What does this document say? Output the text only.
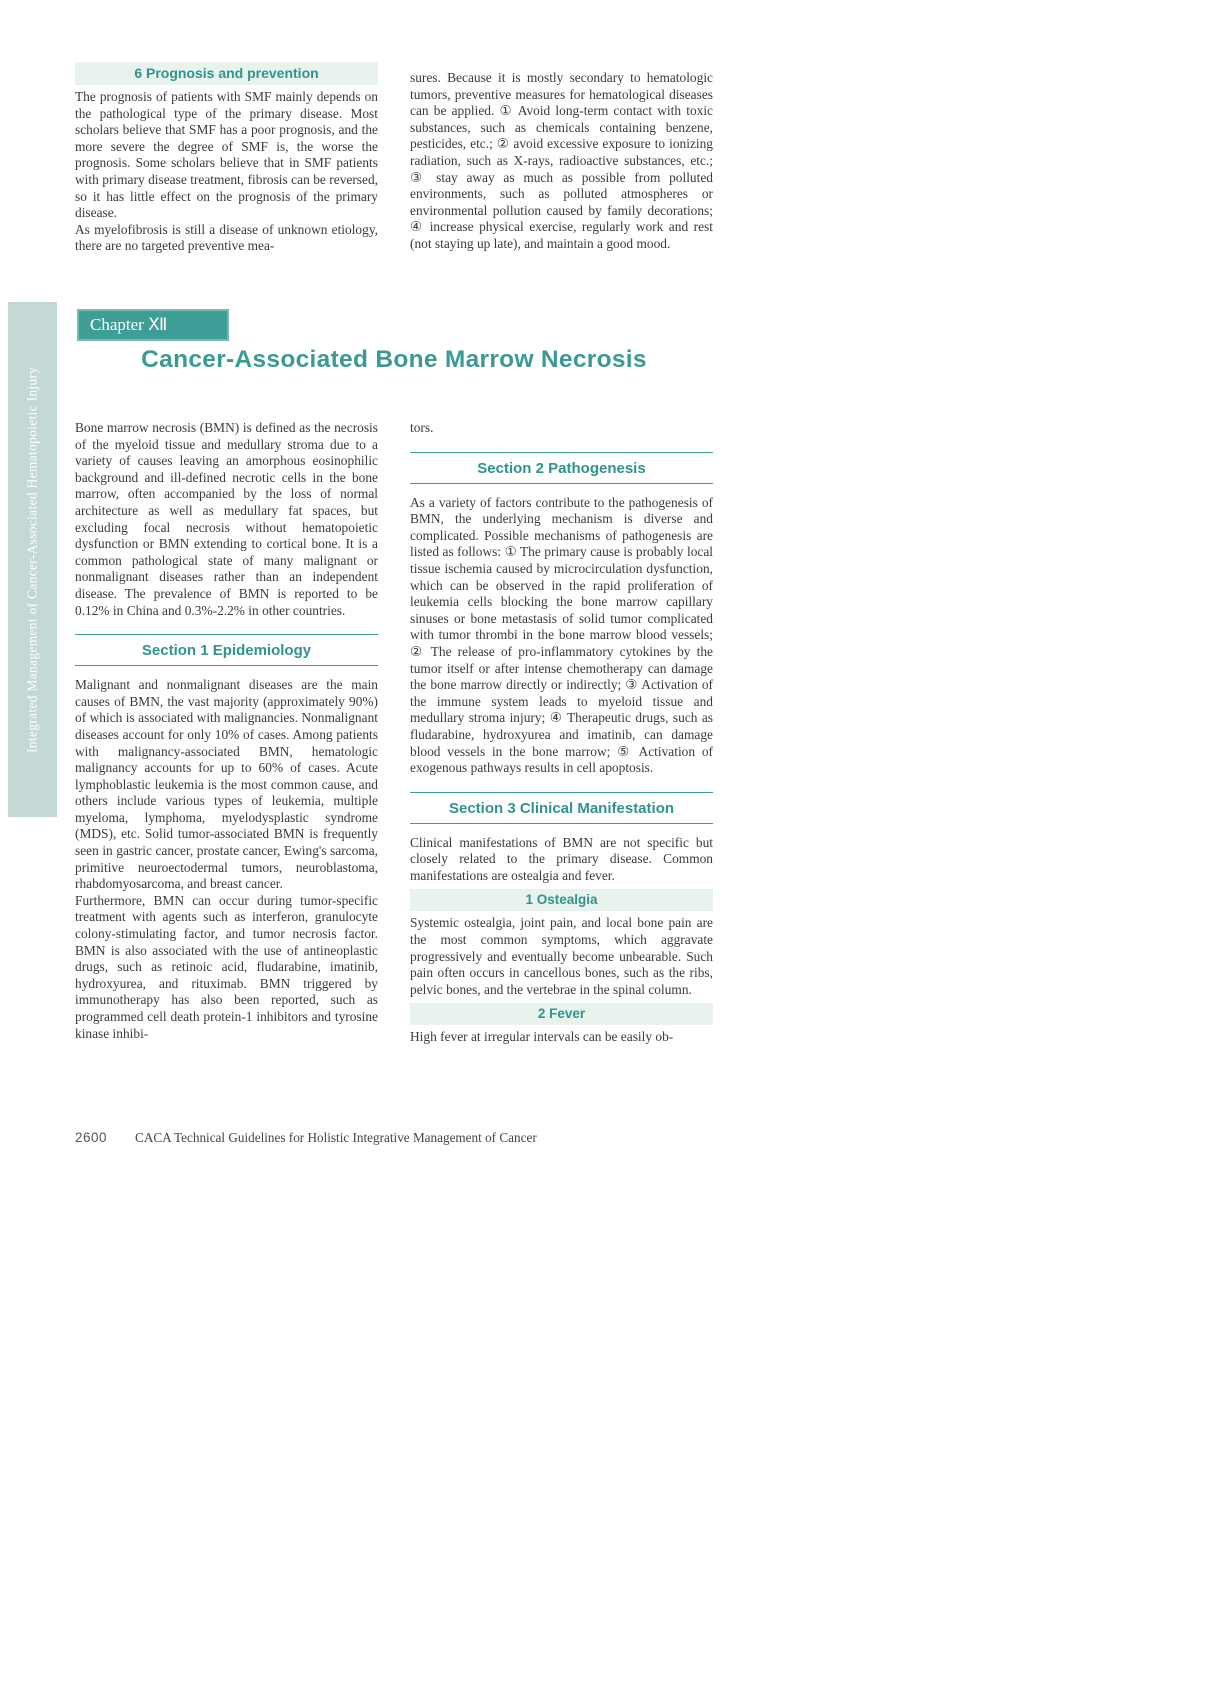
Integrated Management of Cancer-Associated Hematopoietic Injury
6 Prognosis and prevention

The prognosis of patients with SMF mainly depends on the pathological type of the primary disease. Most scholars believe that SMF has a poor prognosis, and the more severe the degree of SMF is, the worse the prognosis. Some scholars believe that in SMF patients with primary disease treatment, fibrosis can be reversed, so it has little effect on the prognosis of the primary disease.

As myelofibrosis is still a disease of unknown etiology, there are no targeted preventive mea-

sures. Because it is mostly secondary to hematologic tumors, preventive measures for hematological diseases can be applied. ① Avoid long-term contact with toxic substances, such as chemicals containing benzene, pesticides, etc.; ② avoid excessive exposure to ionizing radiation, such as X-rays, radioactive substances, etc.; ③ stay away as much as possible from polluted environments, such as polluted atmospheres or environmental pollution caused by family decorations; ④ increase physical exercise, regularly work and rest (not staying up late), and maintain a good mood.

Chapter Ⅻ
Cancer-Associated Bone Marrow Necrosis

Bone marrow necrosis (BMN) is defined as the necrosis of the myeloid tissue and medullary stroma due to a variety of causes leaving an amorphous eosinophilic background and ill-defined necrotic cells in the bone marrow, often accompanied by the loss of normal architecture as well as medullary fat spaces, but excluding focal necrosis without hematopoietic dysfunction or BMN extending to cortical bone. It is a common pathological state of many malignant or nonmalignant diseases rather than an independent disease. The prevalence of BMN is reported to be 0.12% in China and 0.3%-2.2% in other countries.

Section 1 Epidemiology

Malignant and nonmalignant diseases are the main causes of BMN, the vast majority (approximately 90%) of which is associated with malignancies. Nonmalignant diseases account for only 10% of cases. Among patients with malignancy-associated BMN, hematologic malignancy accounts for up to 60% of cases. Acute lymphoblastic leukemia is the most common cause, and others include various types of leukemia, multiple myeloma, lymphoma, myelodysplastic syndrome (MDS), etc. Solid tumor-associated BMN is frequently seen in gastric cancer, prostate cancer, Ewing's sarcoma, primitive neuroectodermal tumors, neuroblastoma, rhabdomyosarcoma, and breast cancer.

Furthermore, BMN can occur during tumor-specific treatment with agents such as interferon, granulocyte colony-stimulating factor, and tumor necrosis factor. BMN is also associated with the use of antineoplastic drugs, such as retinoic acid, fludarabine, imatinib, hydroxyurea, and rituximab. BMN triggered by immunotherapy has also been reported, such as programmed cell death protein-1 inhibitors and tyrosine kinase inhibi-

tors.

Section 2 Pathogenesis

As a variety of factors contribute to the pathogenesis of BMN, the underlying mechanism is diverse and complicated. Possible mechanisms of pathogenesis are listed as follows: ① The primary cause is probably local tissue ischemia caused by microcirculation dysfunction, which can be observed in the rapid proliferation of leukemia cells blocking the bone marrow capillary sinuses or bone metastasis of solid tumor complicated with tumor thrombi in the bone marrow blood vessels; ② The release of pro-inflammatory cytokines by the tumor itself or after intense chemotherapy can damage the bone marrow directly or indirectly; ③ Activation of the immune system leads to myeloid tissue and medullary stroma injury; ④ Therapeutic drugs, such as fludarabine, hydroxyurea and imatinib, can damage blood vessels in the bone marrow; ⑤ Activation of exogenous pathways results in cell apoptosis.

Section 3 Clinical Manifestation

Clinical manifestations of BMN are not specific but closely related to the primary disease. Common manifestations are ostealgia and fever.

1 Ostealgia

Systemic ostealgia, joint pain, and local bone pain are the most common symptoms, which aggravate progressively and eventually become unbearable. Such pain often occurs in cancellous bones, such as the ribs, pelvic bones, and the vertebrae in the spinal column.

2 Fever

High fever at irregular intervals can be easily ob-

2600 CACA Technical Guidelines for Holistic Integrative Management of Cancer
